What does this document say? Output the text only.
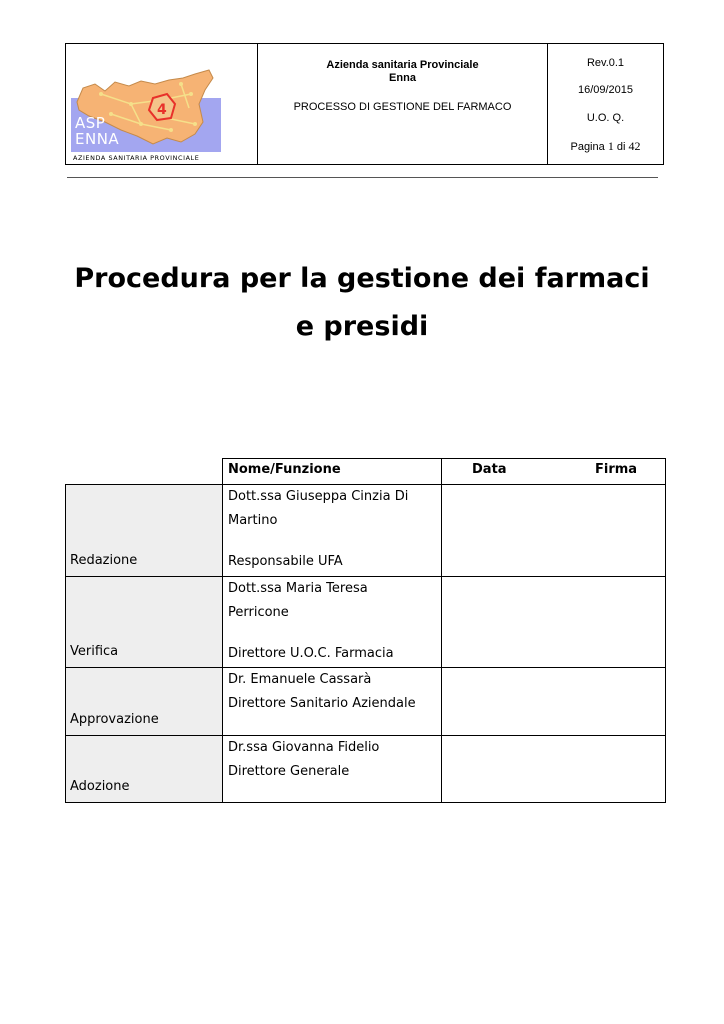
4
ASP
ENNA
AZIENDA SANITARIA PROVINCIALE
Azienda sanitaria Provinciale
Enna
PROCESSO DI GESTIONE DEL FARMACO
Rev.0.1
16/09/2015
U.O. Q.
Pagina 1 di 42
Procedura per la gestione dei farmaci
e presidi

	Nome/Funzione	Data Firma

Redazione	Dott.ssa Giuseppa Cinzia Di
Martino
Responsabile UFA	

Verifica	Dott.ssa Maria Teresa
Perricone
Direttore U.O.C. Farmacia	

Approvazione	Dr. Emanuele Cassarà
Direttore Sanitario Aziendale	

Adozione	Dr.ssa Giovanna Fidelio
Direttore Generale	
